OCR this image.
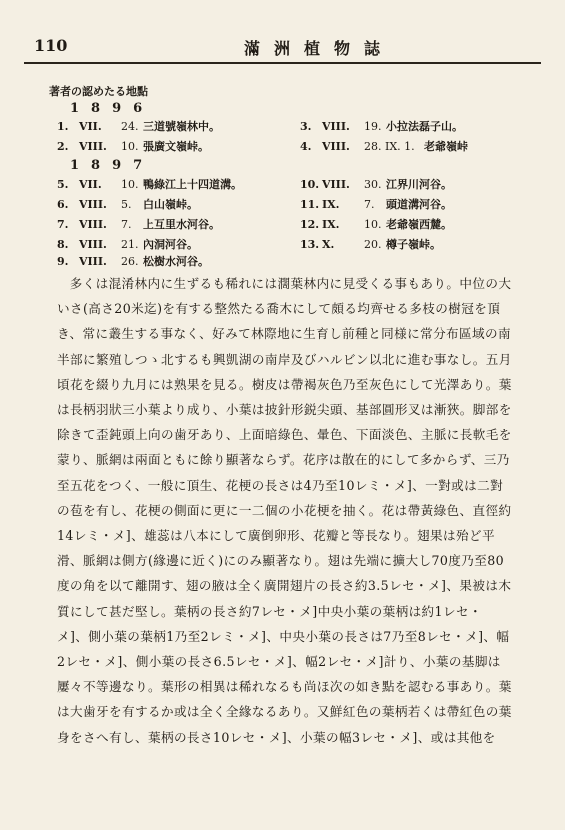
110	滿洲植物誌
著者の認めたる地點
1896
1. VII. 24. 三道號嶺林中。
2. VIII. 10. 張廣文嶺峠。
3. VIII. 19. 小拉法磊子山。
4. VIII. 28. IX. 1. 老爺嶺峠
1897
5. VII. 10. 鴨綠江上十四道溝。
6. VIII. 5. 白山嶺峠。
7. VIII. 7. 上互里水河谷。
8. VIII. 21. 內洞河谷。
9. VIII. 26. 松樹水河谷。
10. VIII. 30. 江界川河谷。
11. IX. 7. 頭道溝河谷。
12. IX. 10. 老爺嶺西麓。
13. X.	20. 樽子嶺峠。

多くは混淆林内に生ずるも稀れには濶葉林内に見受くる事もあり。中位の大いさ(高さ20米迄)を有する整然たる喬木にして頗る均齊せる多枝の樹冠を頂き、常に叢生する事なく、好みて林際地に生育し前種と同様に常分布區域の南半部に繁殖しつゝ北するも興凱湖の南岸及びハルビン以北に進む事なし。五月頃花を綴り九月には熟果を見る。樹皮は帶褐灰色乃至灰色にして光澤あり。葉は長柄羽狀三小葉より成り、小葉は披針形鋭尖頭、基部圓形叉は漸狹。脚部を除きて歪鈍頭上向の歯牙あり、上面暗綠色、暈色、下面淡色、主脈に長軟毛を蒙り、脈網は兩面ともに餘り顯著ならず。花序は散在的にして多からず、三乃至五花をつく、一般に頂生、花梗の長さは4乃至10レミ・メ]、一對或は二對の苞を有し、花梗の側面に更に一二個の小花梗を抽く。花は帶黃綠色、直徑約14レミ・メ]、雄蕊は八本にして廣倒卵形、花瓣と等長なり。翅果は殆ど平滑、脈網は側方(緣邊に近く)にのみ顯著なり。翅は先端に擴大し70度乃至80度の角を以て離開す、翅の腋は全く廣開翅片の長さ約3.5レセ・メ]、果被は木質にして甚だ堅し。葉柄の長さ約7レセ・メ]中央小葉の葉柄は約1レセ・メ]、側小葉の葉柄1乃至2レミ・メ]、中央小葉の長さは7乃至8レセ・メ]、幅2レセ・メ]、側小葉の長さ6.5レセ・メ]、幅2レセ・メ]計り、小葉の基脚は屢々不等邊なり。葉形の相異は稀れなるも尚ほ次の如き點を認むる事あり。葉は大歯牙を有するか或は全く全緣なるあり。又鮮紅色の葉柄若くは帶紅色の葉身をさへ有し、葉柄の長さ10レセ・メ]、小葉の幅3レセ・メ]、或は其他を
